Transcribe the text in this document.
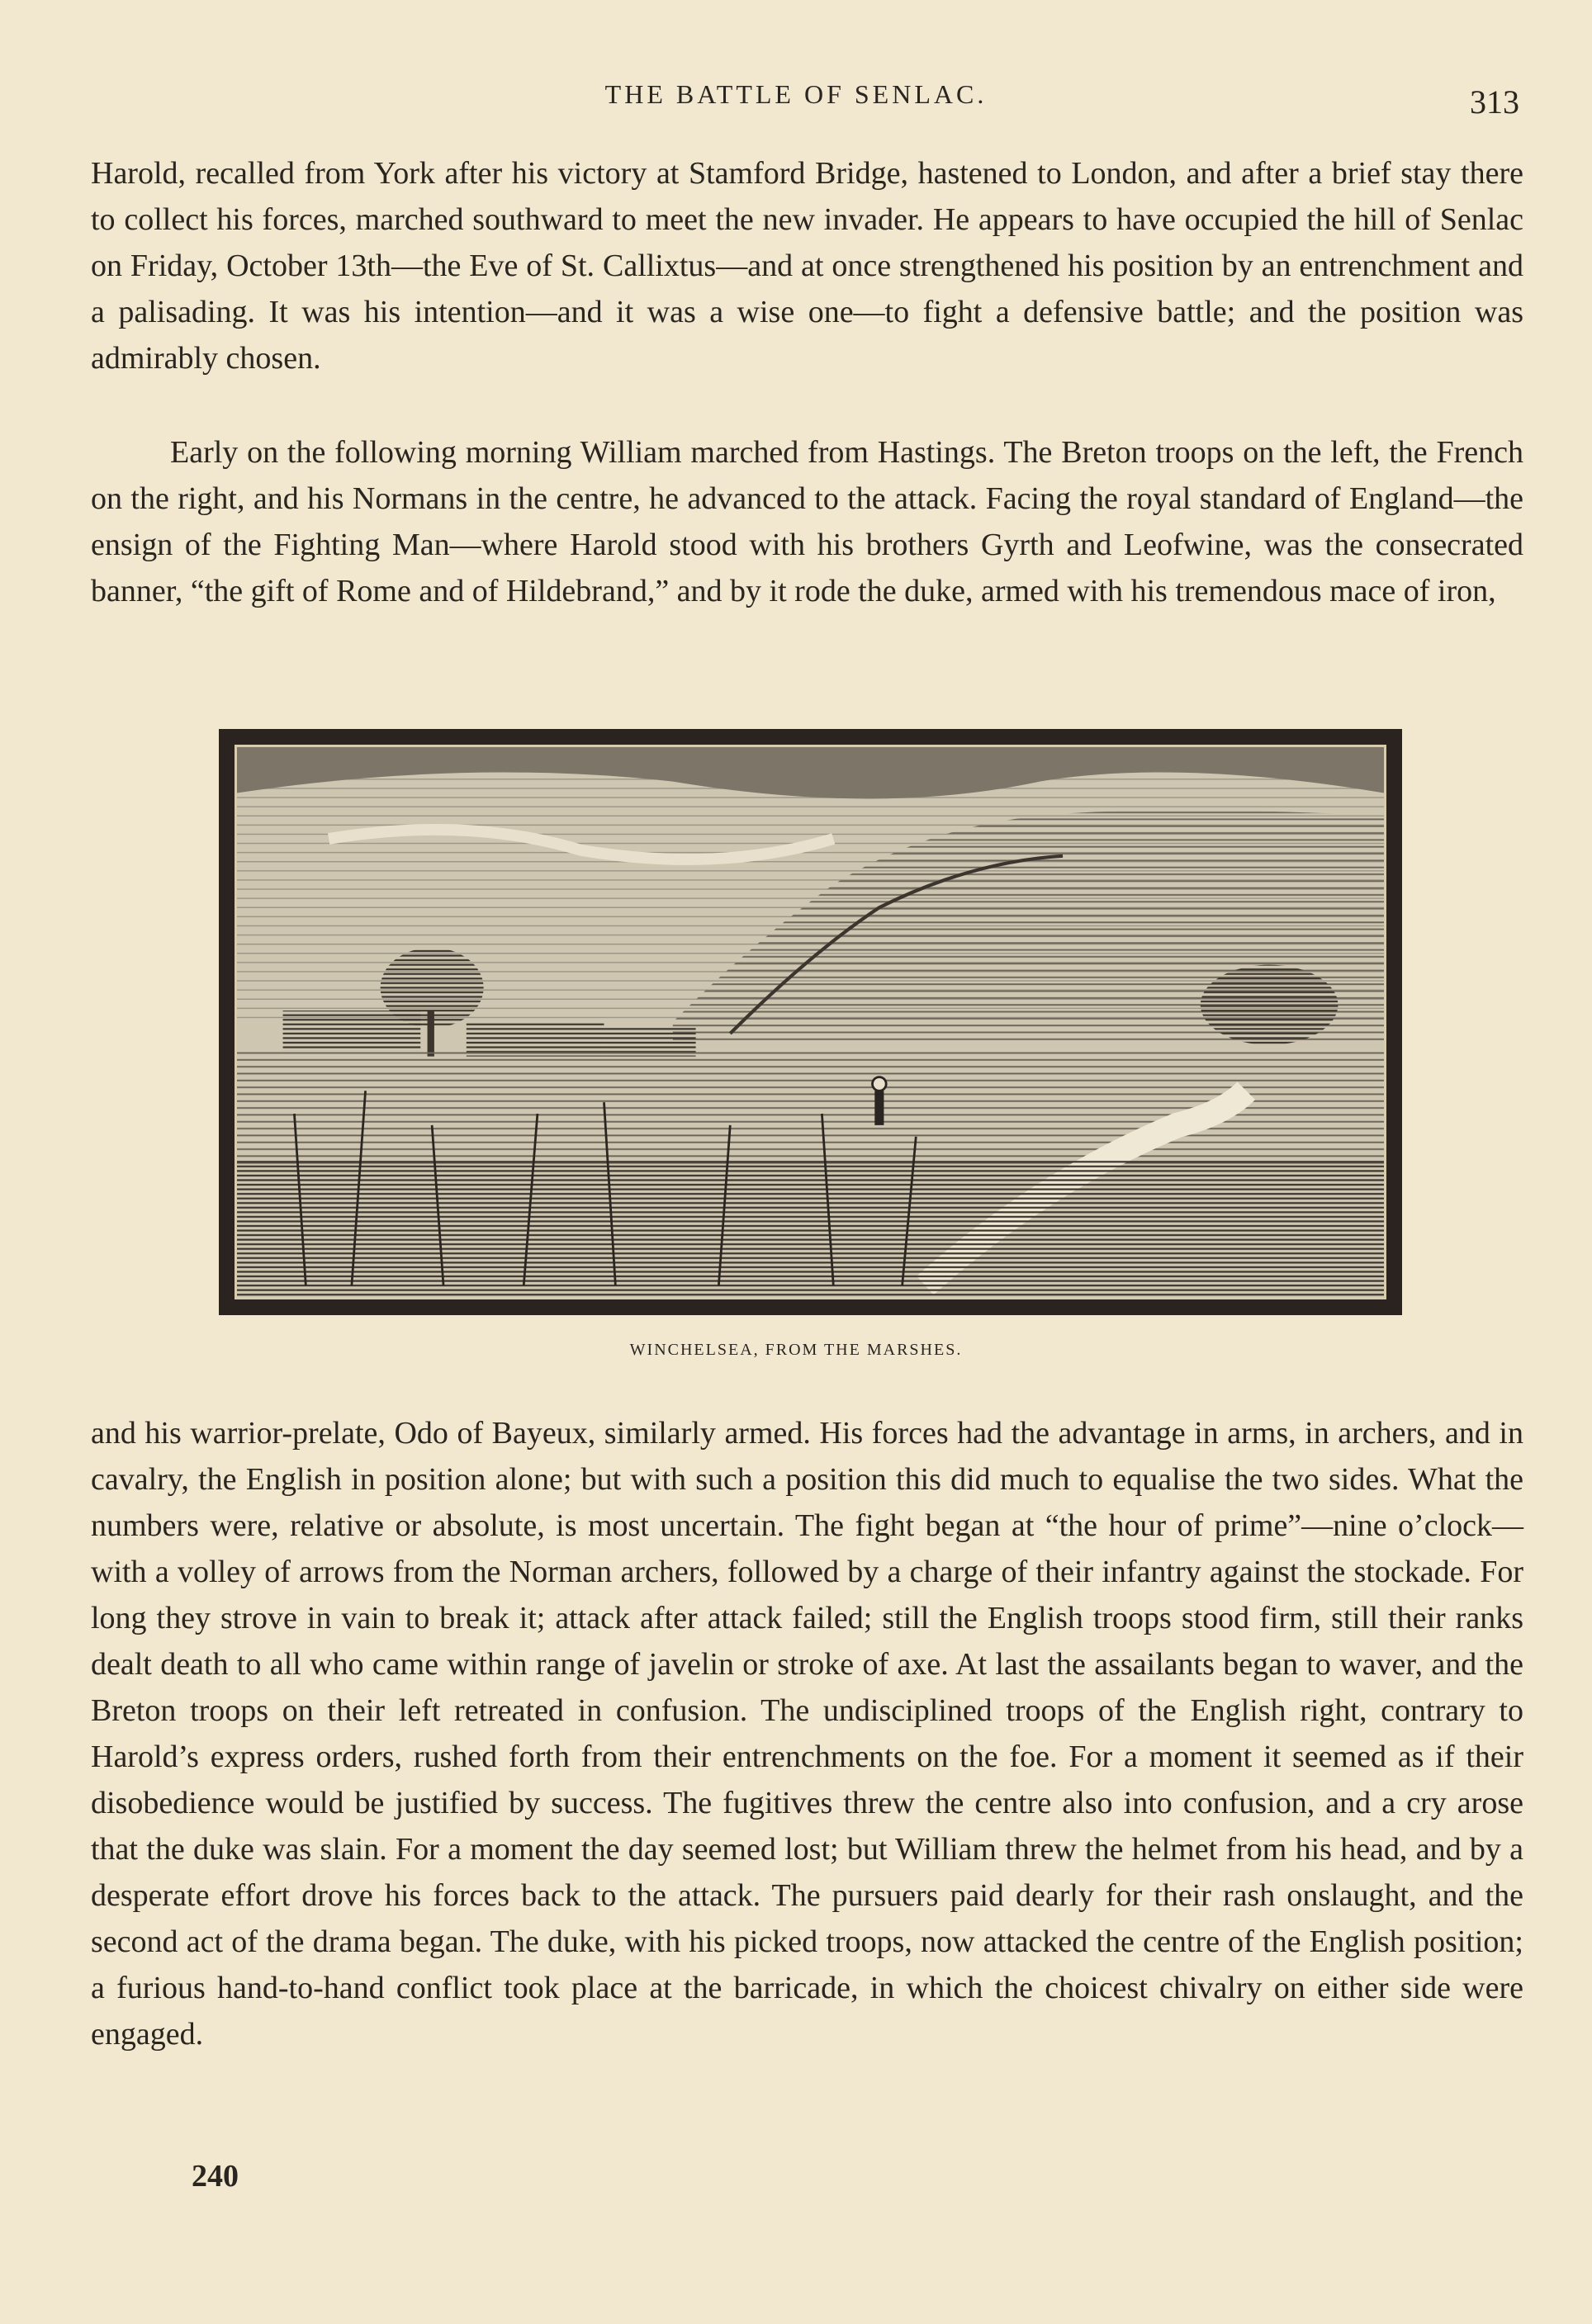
THE BATTLE OF SENLAC.	313

Harold, recalled from York after his victory at Stamford Bridge, hastened to London, and after a brief stay there to collect his forces, marched southward to meet the new invader. He appears to have occupied the hill of Senlac on Friday, October 13th—the Eve of St. Callixtus—and at once strengthened his position by an entrenchment and a palisading. It was his intention—and it was a wise one—to fight a defensive battle; and the position was admirably chosen.

Early on the following morning William marched from Hastings. The Breton troops on the left, the French on the right, and his Normans in the centre, he advanced to the attack. Facing the royal standard of England—the ensign of the Fighting Man—where Harold stood with his brothers Gyrth and Leofwine, was the consecrated banner, “the gift of Rome and of Hildebrand,” and by it rode the duke, armed with his tremendous mace of iron,

WINCHELSEA, FROM THE MARSHES.

and his warrior-prelate, Odo of Bayeux, similarly armed. His forces had the advantage in arms, in archers, and in cavalry, the English in position alone; but with such a position this did much to equalise the two sides. What the numbers were, relative or absolute, is most uncertain. The fight began at “the hour of prime”—nine o’clock—with a volley of arrows from the Norman archers, followed by a charge of their infantry against the stockade. For long they strove in vain to break it; attack after attack failed; still the English troops stood firm, still their ranks dealt death to all who came within range of javelin or stroke of axe. At last the assailants began to waver, and the Breton troops on their left retreated in confusion. The undisciplined troops of the English right, contrary to Harold’s express orders, rushed forth from their entrenchments on the foe. For a moment it seemed as if their disobedience would be justified by success. The fugitives threw the centre also into confusion, and a cry arose that the duke was slain. For a moment the day seemed lost; but William threw the helmet from his head, and by a desperate effort drove his forces back to the attack. The pursuers paid dearly for their rash onslaught, and the second act of the drama began. The duke, with his picked troops, now attacked the centre of the English position; a furious hand-to-hand conflict took place at the barricade, in which the choicest chivalry on either side were engaged.

240
